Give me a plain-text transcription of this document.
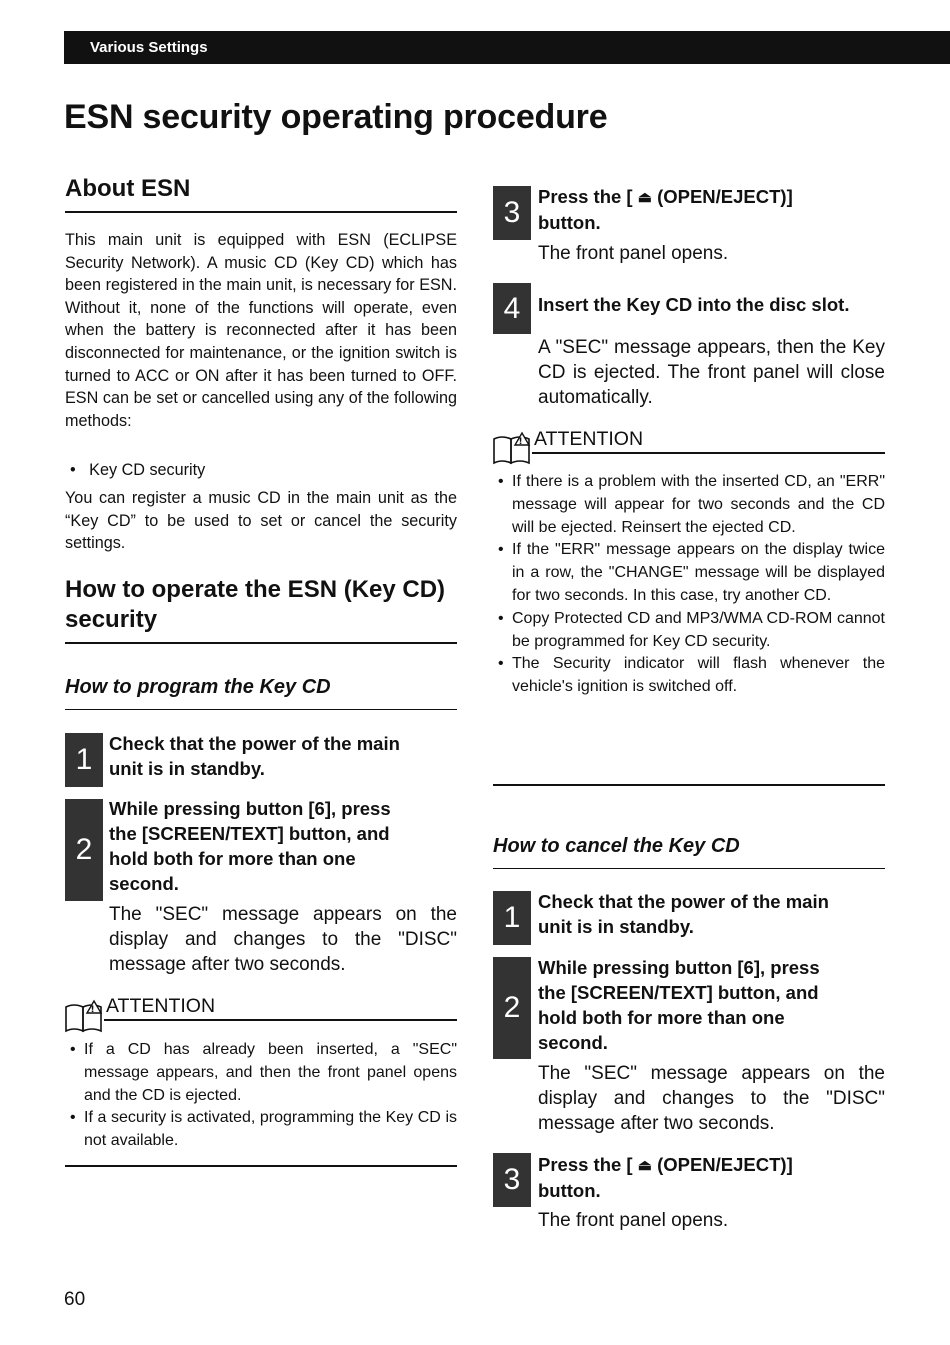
Various Settings
ESN security operating procedure
About ESN

This main unit is equipped with ESN (ECLIPSE Security Network). A music CD (Key CD) which has been registered in the main unit, is necessary for ESN. Without it, none of the functions will operate, even when the battery is reconnected after it has been disconnected for maintenance, or the ignition switch is turned to ACC or ON after it has been turned to OFF. ESN can be set or cancelled using any of the following methods:

•   Key CD security

You can register a music CD in the main unit as the “Key CD” to be used to set or cancel the security settings.

How to operate the ESN (Key CD)
security
How to program the Key CD
1 Check that the power of the main
unit is in standby.

2

While pressing button [6], press
the [SCREEN/TEXT] button, and
hold both for more than one
second.

The "SEC" message appears on the display and changes to the "DISC" message after two seconds.

! ATTENTION

• If a CD has already been inserted, a "SEC" message appears, and then the front panel opens and the CD is ejected.
• If a security is activated, programming the Key CD is not available.
3 Press the [ ⏏ (OPEN/EJECT)]
button.

The front panel opens.

4 Insert the Key CD into the disc slot.

A "SEC" message appears, then the Key CD is ejected. The front panel will close automatically.

! ATTENTION

• If there is a problem with the inserted CD, an "ERR" message will appear for two seconds and the CD will be ejected. Reinsert the ejected CD.
• If the "ERR" message appears on the display twice in a row, the "CHANGE" message will be displayed for two seconds. In this case, try another CD.
• Copy Protected CD and MP3/WMA CD-ROM cannot be programmed for Key CD security.
• The Security indicator will flash whenever the vehicle's ignition is switched off.
How to cancel the Key CD
1 Check that the power of the main
unit is in standby.

2

While pressing button [6], press
the [SCREEN/TEXT] button, and
hold both for more than one
second.

The "SEC" message appears on the display and changes to the "DISC" message after two seconds.

3 Press the [ ⏏ (OPEN/EJECT)]
button.

The front panel opens.

60
